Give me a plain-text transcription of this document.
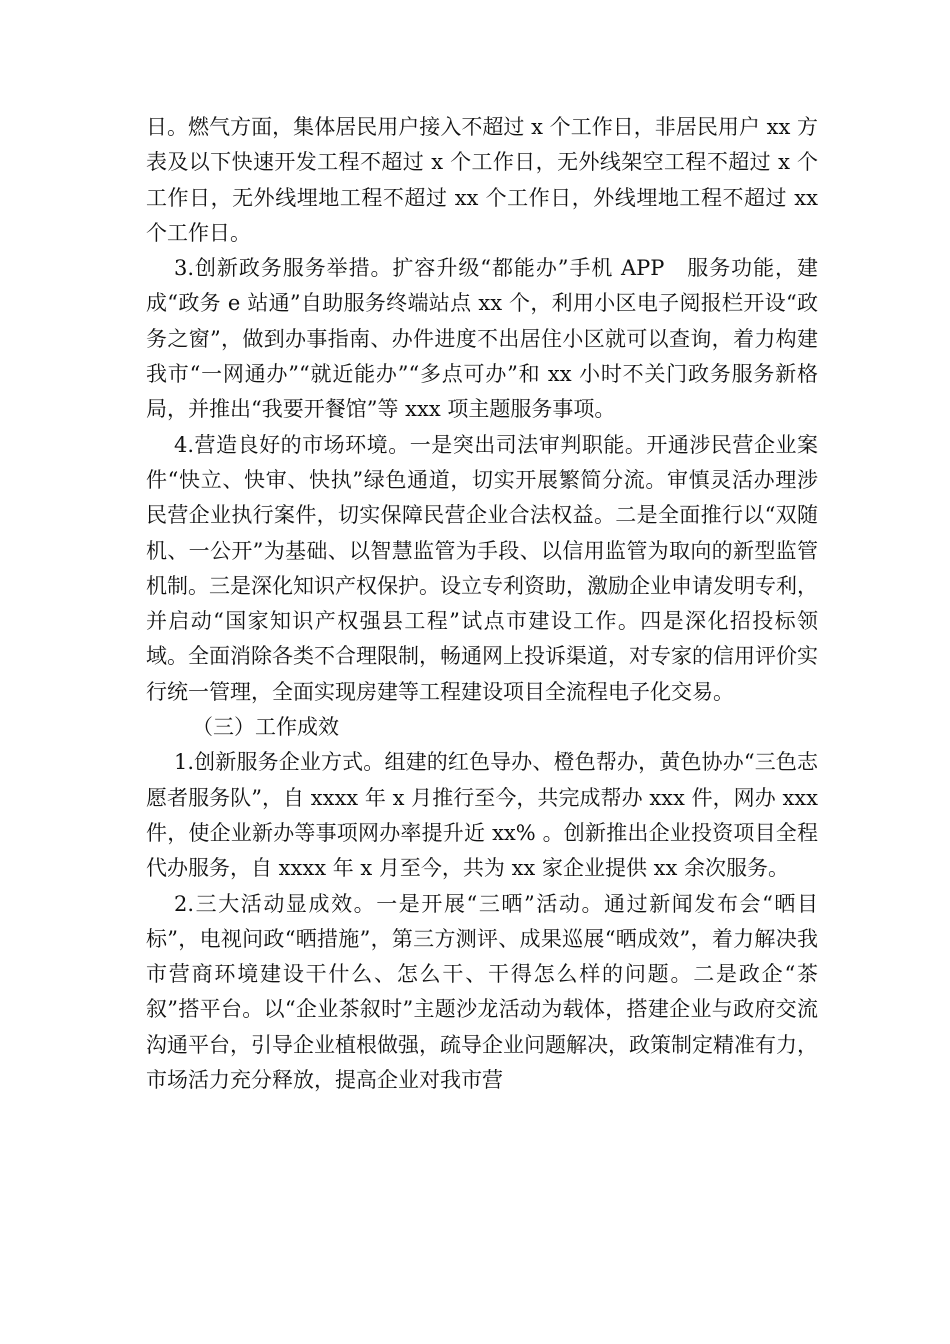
日。燃气方面，集体居民用户接入不超过 x 个工作日，非居民用户 xx 方表及以下快速开发工程不超过 x 个工作日，无外线架空工程不超过 x 个工作日，无外线埋地工程不超过 xx 个工作日，外线埋地工程不超过 xx 个工作日。

3.创新政务服务举措。扩容升级“都能办”手机 APP　服务功能，建成“政务 e 站通”自助服务终端站点 xx 个，利用小区电子阅报栏开设“政务之窗”，做到办事指南、办件进度不出居住小区就可以查询，着力构建我市“一网通办”“就近能办”“多点可办”和 xx 小时不关门政务服务新格局，并推出“我要开餐馆”等 xxx 项主题服务事项。

4.营造良好的市场环境。一是突出司法审判职能。开通涉民营企业案件“快立、快审、快执”绿色通道，切实开展繁简分流。审慎灵活办理涉民营企业执行案件，切实保障民营企业合法权益。二是全面推行以“双随机、一公开”为基础、以智慧监管为手段、以信用监管为取向的新型监管机制。三是深化知识产权保护。设立专利资助，激励企业申请发明专利，并启动“国家知识产权强县工程”试点市建设工作。四是深化招投标领域。全面消除各类不合理限制，畅通网上投诉渠道，对专家的信用评价实行统一管理，全面实现房建等工程建设项目全流程电子化交易。

（三）工作成效

1.创新服务企业方式。组建的红色导办、橙色帮办，黄色协办“三色志愿者服务队”，自 xxxx 年 x 月推行至今，共完成帮办 xxx 件，网办 xxx 件，使企业新办等事项网办率提升近 xx% 。创新推出企业投资项目全程代办服务，自 xxxx 年 x 月至今，共为 xx 家企业提供 xx 余次服务。

2.三大活动显成效。一是开展“三晒”活动。通过新闻发布会“晒目标”，电视问政“晒措施”，第三方测评、成果巡展“晒成效”，着力解决我市营商环境建设干什么、怎么干、干得怎么样的问题。二是政企“茶叙”搭平台。以“企业茶叙时”主题沙龙活动为载体，搭建企业与政府交流沟通平台，引导企业植根做强，疏导企业问题解决，政策制定精准有力，市场活力充分释放，提高企业对我市营
